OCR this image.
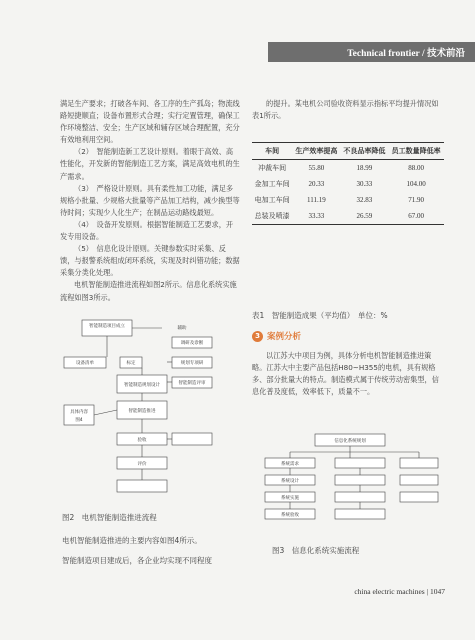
Technical frontier / 技术前沿

满足生产要求；打破各车间、各工序的生产孤岛；物流线路短捷顺直；设备布置形式合理；实行定置管理，确保工作环境整洁、安全；生产区域和辅存区域合理配置，充分有效地利用空间。

（2）　智能制造新工艺设计原则。着眼于高效、高性能化，开发新的智能制造工艺方案，满足高效电机的生产需求。

（3）　严格设计原则。具有柔性加工功能，满足多规格小批量、少规格大批量等产品加工结构，减少换型等待时间；实现少人化生产；在制品运动路线最短。

（4）　设备开发原则。根据智能制造工艺要求，开发专用设备。

（5）　信息化设计原则。关键参数实时采集、反馈，与报警系统组成闭环系统，实现及时纠错功能；数据采集分类化处理。

电机智能制造推进流程如图2所示。信息化系统实施流程如图3所示。

的提升。某电机公司验收资料显示指标平均提升情况如表1所示。

车间	生产效率提高	不良品率降低	员工数量降低率
冲裁车间	55.80	18.99	88.00
金加工车间	20.33	30.33	104.00
电加工车间	111.19	32.83	71.90
总装及喷漆	33.33	26.59	67.00
表1　智能制造成果（平均值）　单位：%
3 案例分析

以江苏大中项目为例，具体分析电机智能制造推进策略。江苏大中主要产品包括H80~H355的电机，具有规格多、部分批量大的特点。制造模式属于传统劳动密集型，信息化普及度低，效率低下，质量不一。

智能制造项目成立	辅助
调研及诊断
设备清单	标定	规划专项研
智能制造规划设计	智能制造评审
具体内容
图4
智能制造推进
验收
评价
图2　电机智能制造推进流程
电机智能制造推进的主要内容如图4所示。
智能制造项目建成后，各企业均实现不同程度
信息化系统规划
系统需求
系统设计
系统实施
系统验收
图3　信息化系统实施流程
china electric machines | 1047
